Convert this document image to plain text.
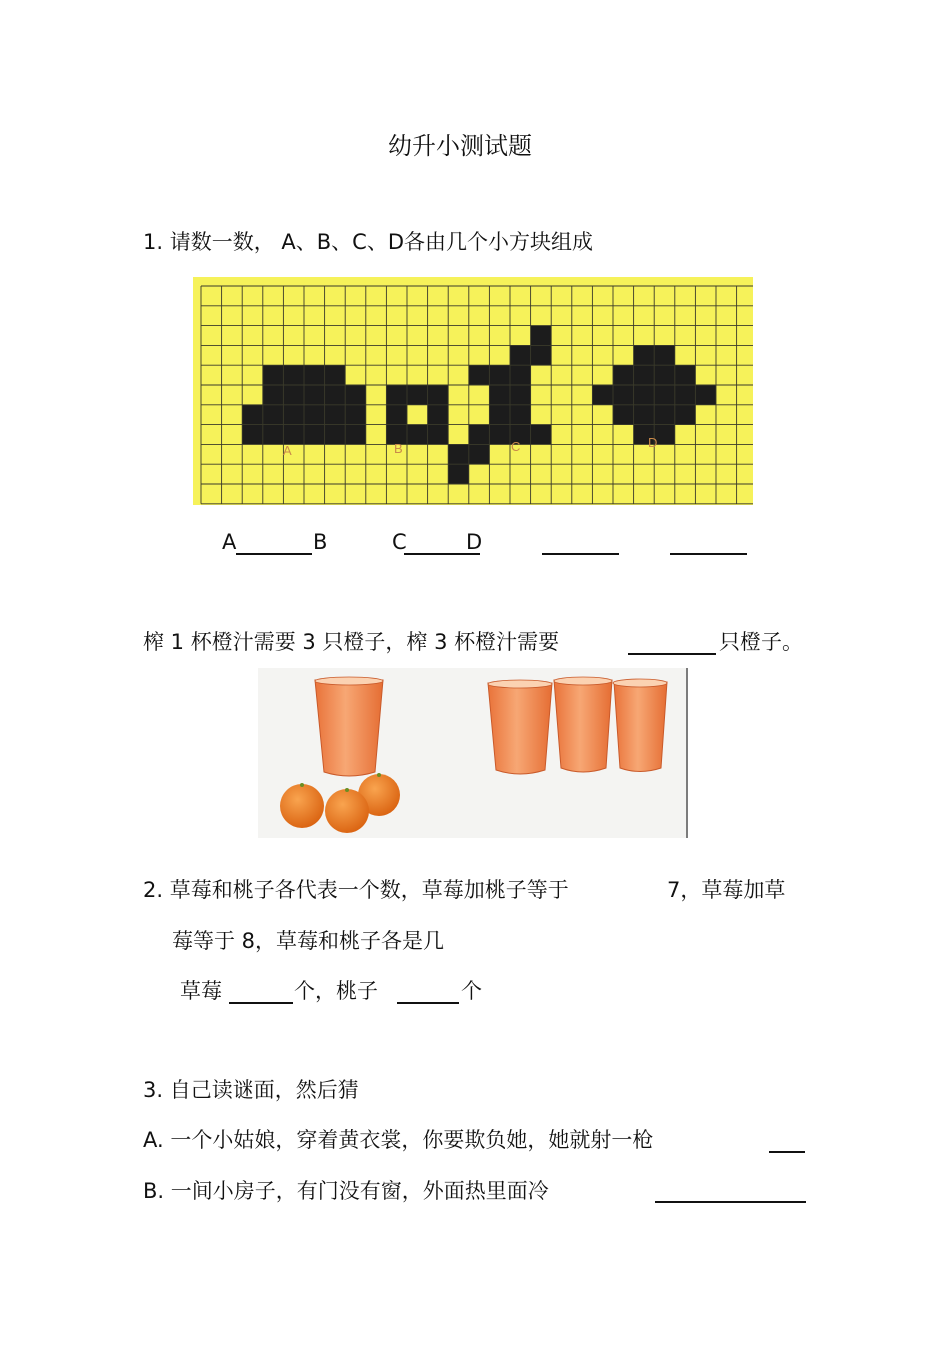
幼升小测试题
1. 请数一数， A、B、C、D各由几个小方块组成
A	B	C	D
A	B	C	D
榨 1 杯橙汁需要 3 只橙子，榨 3 杯橙汁需要	只橙子。
2. 草莓和桃子各代表一个数，草莓加桃子等于	7，草莓加草
莓等于 8，草莓和桃子各是几
草莓	个，桃子	个
3. 自己读谜面，然后猜
A. 一个小姑娘，穿着黄衣裳，你要欺负她，她就射一枪
B. 一间小房子，有门没有窗，外面热里面冷
